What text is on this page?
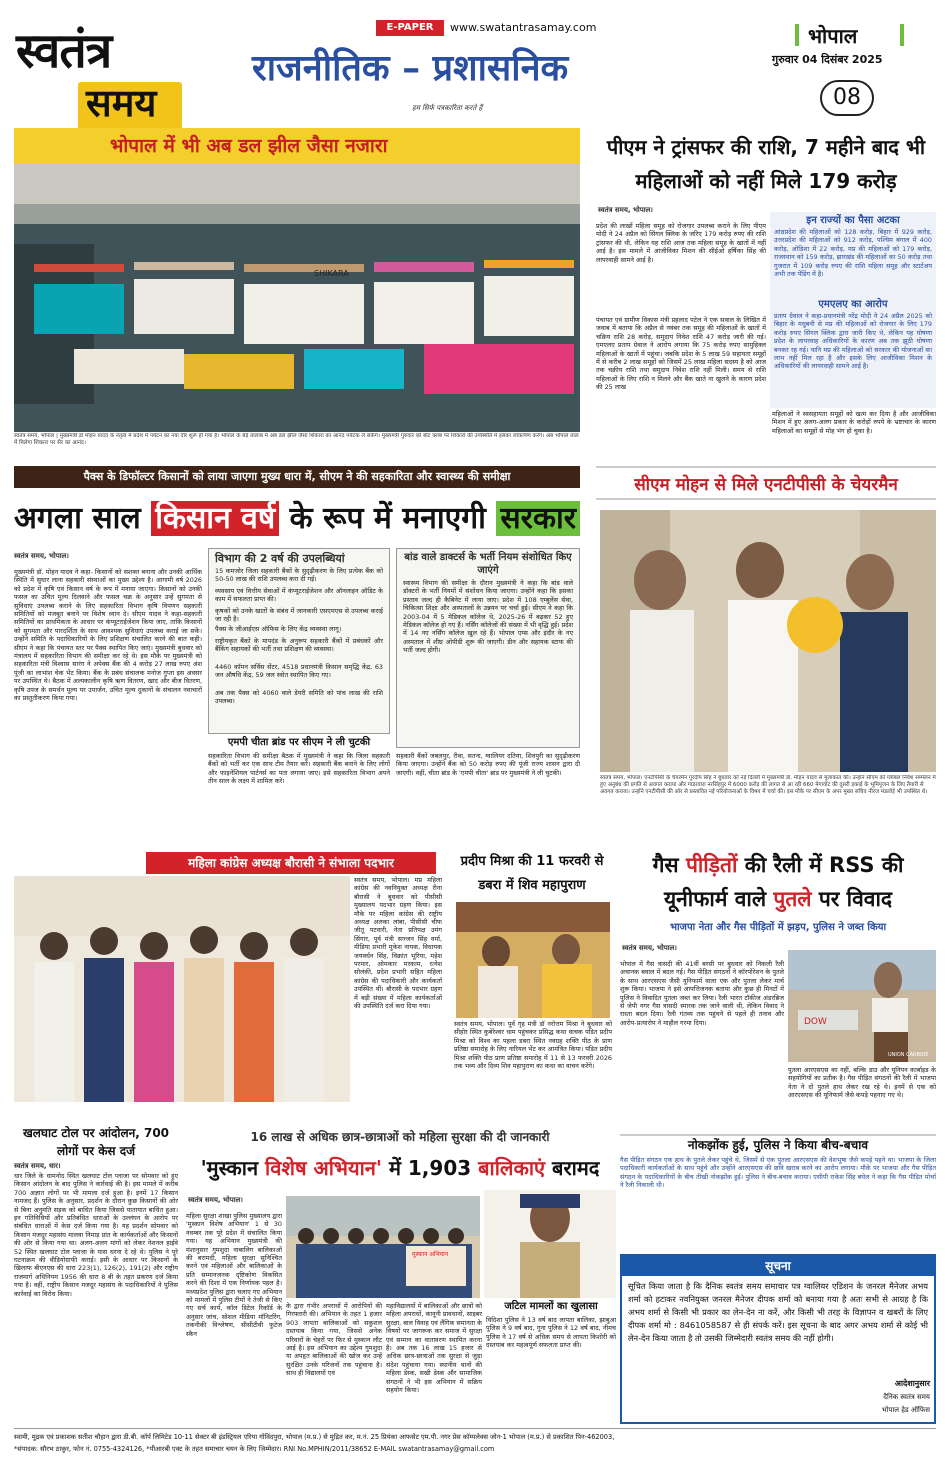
स्वतंत्र
समय
E-PAPER	www.swatantrasamay.com
राजनीतिक – प्रशासनिक
हम सिर्फ पत्रकारिता करते हैं
भोपाल
गुरुवार 04 दिसंबर 2025
08
भोपाल में भी अब डल झील जैसा नजारा
SHIKARA
स्वतंत्र समय, भोपाल | मुख्यमंत्री डॉ मोहन यादव के नेतृत्व में प्रदेश में पर्यटन का नया दौर शुरू हो गया है। भोपाल के बड़े तालाब में अब डल झील जैसा शिकारा का आनंद पर्यटक ले सकेंगे। मुख्यमंत्री गुरुवार को बोट क्लब पर शिकारों की उपस्थिति में इसका लोकार्पण करेंगे। अब भोपाल ताल में मिलेगा शिकारा पर सैर का आनंद।
पीएम ने ट्रांसफर की राशि, 7 महीने बाद भी महिलाओं को नहीं मिले 179 करोड़
स्वतंत्र समय, भोपाल।
प्रदेश की लाखों महिला समूह को रोजगार उपलब्ध कराने के लिए पीएम मोदी ने 24 अप्रैल को सिंगल क्लिक के जरिए 179 करोड़ रुपए की राशि ट्रांसफर की थी, लेकिन यह राशि आज तक महिला समूह के खातों में नहीं आई है। इस मामले में आजीविका मिशन की सीईओ हर्षिका सिंह की लापरवाही सामने आई है।
पंचायत एवं ग्रामीण विकास मंत्री प्रहलाद पटेल ने एक सवाल के लिखित में जवाब में बताया कि अप्रैल से नवंबर तक समूह की महिलाओं के खातों में चक्रिय राशि 28 करोड़, समुदाय निवेश राशि 47 करोड़ जारी की गई। एमएलए प्रताप ग्रेवाल ने आरोप लगाया कि 75 करोड़ रुपए सामुहिक्ल महिलाओं के खातों में पहुंचा। जबकि प्रदेश के 5 लाख 59 सहायता समूहों में से करीब 2 लाख समूहों को जिसमें 25 लाख महिला सदस्य है को आज तक चक्रीय राशि तथा समुदाय निवेश राशि नहीं मिली। समय से राशि महिलाओं के लिए राशि न मिलने और बैंक खाते ना खुलने के कारण प्रदेश की 25 लाख
इन राज्यों का पैसा अटका
आंध्रप्रदेश की महिलाओं को 128 करोड़, बिहार में 929 करोड़, उत्तरप्रदेश की महिलाओं को 912 करोड़, पश्चिम बंगाल में 400 करोड़, ओडिशा में 22 करोड़, मप्र की महिलाओं को 179 करोड़, राजस्थान को 159 करोड़, झारखंड की महिलाओं का 50 करोड़ तथा गुजरात में 109 करोड़ रुपए की राशि महिला समूह और स्टार्टअप अभी तक पेंडिंग में है।
एमएलए का आरोप
प्रताप ग्रेवाल ने कहा-प्रधानमंत्री नरेंद्र मोदी ने 24 अप्रैल 2025 को बिहार के मधुबनी से मप्र की महिलाओं को रोजगार के लिए 179 करोड़ रुपए सिंगल क्लिक द्वारा जारी किए थे, लेकिन यह घोषणा प्रदेश के लापरवाह अधिकारियों के कारण अब तक झूठी घोषणा बनकर रह गई। यानि मप्र की महिलाओं को सरकार की योजनाओं का लाभ नहीं मिल रहा है और इसके लिए आजीविका मिशन के अधिकारियों की लापरवाही सामने आई है।
महिलाओं ने स्वसहायता समूहों को खत्म कर दिया है और आजीविका मिशन में हुए अलग-अलग प्रकार के करोड़ों रुपये के भ्रष्टाचार के कारण महिलाओं का समूहों से मोह भंग हो चुका है।
पैक्स के डिफॉल्टर किसानों को लाया जाएगा मुख्य धारा में, सीएम ने की सहकारिता और स्वास्थ्य की समीक्षा
अगला साल किसान वर्ष के रूप में मनाएगी सरकार
स्वतंत्र समय, भोपाल।
मुख्यमंत्री डॉ. मोहन यादव ने कहा- किसानों को सशक्त बनाना और उनकी आर्थिक स्थिति में सुधार लाना सहकारी संस्थाओं का मुख्य उद्देश्य है। आगामी वर्ष 2026 को प्रदेश में कृषि एवं किसान वर्ष के रूप में मनाया जाएगा। किसानों को उनकी फसल का उचित मूल्य दिलवाने और फसल चक्र के अनुसार उन्हें सुगमता से सुविधाएं उपलब्ध कराने के लिए सहकारिता विभाग कृषि विपणन सहकारी समितियों को मजबूत बनाने पर विशेष ध्यान दे। सीएम यादव ने कहा-सहकारी समितियों का प्राथमिकता के आधार पर कंप्यूटराईजेशन किया जाए, ताकि किसानों को सुगमता और पारदर्शिता के साथ आवश्यक सुविधाएं उपलब्ध कराई जा सकें। उन्होंने समिति के पदाधिकारियों के लिए प्रशिक्षण संचालित करने की बात कही। सीएम ने कहा कि पंचायत स्तर पर पैक्स स्थापित किए जाएं। मुख्यमंत्री बुधवार को मंत्रालय में सहकारिता विभाग की समीक्षा कर रहे थे। इस मौके पर मुख्यमंत्री को सहकारिता मंत्री विश्वास सारंग ने अपेक्स बैंक की 4 करोड़ 27 लाख रुपए अंश पूंजी का लाभांश चेक भेंट किया। बैंक के प्रबंध संचालक मनोज गुप्ता इस अवसर पर उपस्थित थे। बैठक में अल्पकालीन कृषि ऋण वितरण, खाद और बीज वितरण, कृषि उपज के समर्थन मूल्य पर उपार्जन, उचित मूल्य दुकानों के संचालन नवाचारों का प्रस्तुतीकरण किया गया।
विभाग की 2 वर्ष की उपलब्धियां
15 कमजोर जिला सहकारी बैंकों के सुदृढ़ीकरण के लिए प्रत्येक बैंक को 50-50 लाख की राशि उपलब्ध करा दी गई।
व्यवसाय एवं वित्तीय सेवाओं में कंप्यूटराईजेशन और ऑनलाइन ऑडिट के काम में सफलता प्राप्त की।
कृषकों को उनके खातों के संबंध में जानकारी एसएमएस से उपलब्ध कराई जा रही है।
पैक्स के जीआईएस ऑफिस के लिए केंद्र व्यवस्था लागू।
राष्ट्रीयकृत बैंकों के मापदंड के अनुरूप सहकारी बैंकों में प्रबंधकों और बैंकिंग सहायकों की भर्ती तथा प्रशिक्षण की व्यवस्था।
4460 कॉमन सर्विस सेंटर, 4518 प्रधानमंत्री किसान समृद्धि केंद्र, 63 जन औषधि केंद्र, 59 जल स्त्रोत स्थापित किए गए।
अब तक पैक्स को 4060 वाले डेयरी समिति को पांच लाख की राशि उपलब्ध।
एमपी चीता ब्रांड पर सीएम ने ली चुटकी
सहकारिता विभाग की समीक्षा बैठक में मुख्यमंत्री ने कहा कि जिला सहकारी बैंकों को भर्ती कर एक साथ टीम तैयार करें। सहकारी बैंक बनाने के लिए लोगों और फाइनेंशियल पार्टनर्स का पता लगाया जाए। इसे सहकारिता विभाग अपने तीन साल के लक्ष्य में शामिल करे।
बांड वाले डाक्टर्स के भर्ती नियम संशोधित किए जाएंगे
स्वास्थ्य विभाग की समीक्षा के दौरान मुख्यमंत्री ने कहा कि बांड वाले डॉक्टरों के भर्ती नियमों में संशोधन किया जाएगा। उन्होंने कहा कि इसका प्रस्ताव जल्द ही कैबिनेट में लाया जाए। प्रदेश में 108 एम्बुलेंस सेवा, चिकित्सा शिक्षा और अस्पतालों के उन्नयन पर चर्चा हुई। सीएम ने कहा कि 2003-04 में 5 मेडिकल कॉलेज थे, 2025-26 में बढ़कर 52 हुए मेडिकल कॉलेज हो गए हैं। नर्सिंग कॉलेजों की संख्या में भी वृद्धि हुई। प्रदेश में 14 नए नर्सिंग कॉलेज खुल रहे हैं। भोपाल एम्स और इंदौर के नए अस्पताल में शीघ्र ओपीडी शुरू की जाएगी। डीन और सहायक स्टाफ की भर्ती जल्द होगी।
सहकारी बैंकों जबलपुर, रीवा, सतना, ग्वालियर दतिया, शिवपुरी का सुदृढ़ीकरण किया जाएगा। उन्होंने बैंक को 50 करोड़ रुपए की पूंजी राज्य शासन द्वारा दी जाएगी। वहीं, चीता ब्रांड के 'एमपी चीता' ब्रांड पर मुख्यमंत्री ने ली चुटकी।
सीएम मोहन से मिले एनटीपीसी के चेयरमैन
स्वतंत्र समय, भोपाल। एनटीपीसी के चेयरमैन गुरदीप सिंह ने बुधवार को नई दिल्ली में मुख्यमंत्री डॉ. मोहन यादव से मुलाकात की। उन्होंने सीएम को ग्लोबल निवेश सम्मेलन में हुए अनुबंध की प्रगति से अवगत कराया और गाडरवारा नरसिंहपुर में 6000 करोड़ की लागत से आ रही 660 मेगावॉट की दूसरी इकाई के भूमिपूजन के लिए तैयारी से अवगत कराया। उन्होंने एनटीपीसी की ओर से प्रस्तावित नई परियोजनाओं के विषय में चर्चा की। इस मौके पर सीएम के अपर मुख्य सचिव नीरज मंडलोई भी उपस्थित थे।
महिला कांग्रेस अध्यक्ष बौरासी ने संभाला पदभार
स्वतंत्र समय, भोपाल। मप्र महिला कांग्रेस की नवनियुक्त अध्यक्ष रीना बौरासी ने बुधवार को पीसीसी मुख्यालय पदभार ग्रहण किया। इस मौके पर महिला कांग्रेस की राष्ट्रीय अध्यक्ष अलका लांबा, पीसीसी चीफ जीतू पटवारी, नेता प्रतिपक्ष उमंग सिंगार, पूर्व मंत्री सज्जन सिंह वर्मा, मीडिया प्रभारी मुकेश नायक, विधायक जयवर्धन सिंह, विक्रांत भूरिया, महेश परमार, ओमकार मरकाम, रत्नेश सोलंकी, प्रदेश प्रभारी सहित महिला कांग्रेस की पदाधिकारी और कार्यकर्ता उपस्थित थीं। बौरासी के पदभार ग्रहण में बड़ी संख्या में महिला कार्यकर्ताओं की उपस्थिति दर्ज करा दिया गया।
प्रदीप मिश्रा की 11 फरवरी से डबरा में शिव महापुराण
स्वतंत्र समय, भोपाल। पूर्व गृह मंत्री डॉ नरोत्तम मिश्रा ने बुधवार को सीहोर स्थित कुबेरेश्वर धाम पहुंचकर प्रसिद्ध कथा वाचक पंडित प्रदीप मिश्रा को विश्व का पहला डबरा स्थित नवग्रह शक्ति पीठ के प्राण प्रतिष्ठा समारोह के लिए नारियल भेंट कर आमंत्रित किया। पंडित प्रदीप मिश्रा शक्ति पीठ प्राण प्रतिष्ठा समारोह में 11 से 13 फरवरी 2026 तक भव्य और दिव्य शिव महापुराण का कथा का वाचन करेंगे।
गैस पीड़ितों की रैली में RSS की
यूनीफार्म वाले पुतले पर विवाद
भाजपा नेता और गैस पीड़ितों में झड़प, पुलिस ने जब्त किया
स्वतंत्र समय, भोपाल।
भोपाल में गैस त्रासदी की 41वीं बरसी पर बुधवार को निकली रैली अचानक बवाल में बदल गई। गैस पीड़ित संगठनों ने कॉरपोरेशन के पुतले के साथ आरएसएस जैसी यूनिफार्म वाला एक और पुतला लेकर मार्च शुरू किया। भाजपा ने इसे आपत्तिजनक बताया और कुछ ही मिनटों में पुलिस ने विवादित पुतला जब्त कर लिया। रैली भारत टॉकीज अंडरब्रिज से जेपी नगर गैस त्रासदी स्मारक तक जाने वाली थी, लेकिन विवाद ने रास्ता बदल दिया। रैली गंतव्य तक पहुंचने से पहले ही तनाव और आरोप-प्रत्यारोप ने माहौल गरमा दिया।	DOW
UNION CARBIDE
पुतला आरएसएस का नहीं, बल्कि डाउ और यूनियन कार्बाइड के सहयोगियों का प्रतीक है। गैस पीड़ित संगठनों की रैली में भाजपा नेता ने दो पुतले हाथ लेकर रख रहे थे। इनमें से एक को आरएसएस की यूनिफार्म जैसे कपड़े पहनाए गए थे।
नोकझोंक हुई, पुलिस ने किया बीच-बचाव
गैस पीड़ित संगठन एक हाथ के पुतले लेकर पहुंचे थे, जिसमें से एक पुतला आरएसएस की वेशभूषा जैसे कपड़े पहने था। भाजपा के जिला पदाधिकारी कार्यकर्ताओं के साथ पहुंचे और उन्होंने आरएसएस की छवि खराब करने का आरोप लगाया। मौके पर भाजपा और गैस पीड़ित संगठन के पदाधिकारियों के बीच तीखी नोकझोंक हुई। पुलिस ने बीच-बचाव कराया। एसीपी राकेश सिंह बघेल ने कहा कि गैस पीड़ित मोर्चा ने रैली निकाली थी।
खलघाट टोल पर आंदोलन, 700 लोगों पर केस दर्ज
स्वतंत्र समय, धार।
धार जिले के धामनोद स्थित खलघाट टोल प्लाजा पर सोमवार को हुए किसान आंदोलन के बाद पुलिस ने कार्रवाई की है। इस मामले में करीब 700 अज्ञात लोगों पर भी मामला दर्ज हुआ है। इनमें 17 किसान नामजद हैं। पुलिस के अनुसार, प्रदर्शन के दौरान कुछ किसानों की ओर से बिना अनुमति सड़क को बाधित किया जिससे यातायात बाधित हुआ। इन गतिविधियों और प्रतिबंधित धाराओं के उल्लंघन के आरोप पर संबंधित धाराओं में केस दर्ज किया गया है। यह प्रदर्शन सोमवार को किसान मजदूर महासंघ मालवा निमाड़ प्रांत के कार्यकर्ताओं और किसानों की ओर से किया गया था। अलग-अलग मांगों को लेकर नेशनल हाईवे 52 स्थित खलघाट टोल प्लाजा के पास धरना दे रहे थे। पुलिस ने पूरे घटनाक्रम की वीडियोग्राफी कराई। इसी के आधार पर किसानों के खिलाफ बीएनएस की धारा 223(1), 126(2), 191(2) और राष्ट्रीय राजमार्ग अधिनियम 1956 की धारा 8 बी के तहत प्रकरण दर्ज किया गया है। वहीं, राष्ट्रीय किसान मजदूर महासंघ के पदाधिकारियों ने पुलिस कार्रवाई का विरोध किया।
16 लाख से अधिक छात्र-छात्राओं को महिला सुरक्षा की दी जानकारी
'मुस्कान विशेष अभियान' में 1,903 बालिकाएं बरामद
स्वतंत्र समय, भोपाल।
मुस्कान अभियान
महिला सुरक्षा शाखा पुलिस मुख्यालय द्वारा 'मुस्कान विशेष अभियान' 1 से 30 नवम्बर तक पूरे प्रदेश में संचालित किया गया। यह अभियान मुख्यमंत्री की मंशानुसार गुमशुदा नाबालिग बालिकाओं की बरामदी, महिला सुरक्षा सुनिश्चित करने एवं महिलाओं और बालिकाओं के प्रति सम्मानजनक दृष्टिकोण विकसित करने की दिशा में एक निर्णायक पहल है। मध्यप्रदेश पुलिस द्वारा चलाए गए अभियान को मामलों में पुलिस टीमों ने तेजी से किए गए सर्च कार्य, कॉल डिटेल रिकॉर्ड के अनुसार जांच, सोशल मीडिया मॉनिटरिंग, तकनीकी विश्लेषण, सीसीटीवी फुटेज स्कैन
के द्वारा गंभीर अपराधों में आरोपियों की गिरफ्तारी की। अभियान के तहत 1 हजार 903 लापता बालिकाओं को सकुशल दस्तयाब किया गया, जिससे अनेक परिवारों के चेहरों पर फिर से मुस्कान लौट आई है। इस अभियान का उद्देश्य गुमशुदा या अपहृत बालिकाओं की खोज कर उन्हें सुरक्षित उनके परिजनों तक पहुंचाना है। साथ ही विद्यालयों एवं
महाविद्यालयों में बालिकाओं और छात्रों को महिला अपराधों, कानूनी प्रावधानों, साइबर सुरक्षा, बाल विवाह एवं लैंगिक समानता के विषयों पर जागरूक कर समाज में सुरक्षा एवं सम्मान का वातावरण स्थापित करना है। अब तक 16 लाख 15 हजार से अधिक छात्र-छात्राओं तक सुरक्षा से जुड़ा संदेश पहुंचाया गया। स्थानीय थानों की महिला डेस्क, सखी डेस्क और सामाजिक संगठनों ने भी इस अभियान में सक्रिय सहयोग किया।
जटिल मामलों का खुलासा
विदिशा पुलिस ने 13 वर्ष बाद लापता बालिका, झाबुआ पुलिस ने 9 वर्ष बाद, गुना पुलिस ने 12 वर्ष बाद, नीमच पुलिस ने 17 वर्ष से अधिक समय से लापता किशोरी को दस्तयाब कर महत्वपूर्ण सफलता प्राप्त की।
सूचना
सूचित किया जाता है कि दैनिक स्वतंत्र समय समाचार पत्र ग्वालियर एडिशन के जनरल मैनेजर अभय शर्मा को हटाकर नवनियुक्त जनरल मैनेजर दीपक शर्मा को बनाया गया है अतः सभी से आग्रह है कि अभय शर्मा से किसी भी प्रकार का लेन-देन ना करें, और किसी भी तरह के विज्ञापन व खबरों के लिए दीपक शर्मा मो : 8461058587 से ही संपर्क करें। इस सूचना के बाद अगर अभय शर्मा से कोई भी लेन-देन किया जाता है तो उसकी जिम्मेदारी स्वतंत्र समय की नहीं होगी।
आदेशानुसार
दैनिक स्वतंत्र समय
भोपाल हेड ऑफिस
स्वामी, मुद्रक एवं प्रकाशक सतीश चौहान द्वारा डी.बी. कॉर्प लिमिटेड 10-11 सेक्टर बी इंडस्ट्रियल एरिया गोविंदपुरा, भोपाल (म.प्र.) से मुद्रित कर, म.नं. 25 प्रियंका आफसेट एम.पी. नगर प्रेस कॉम्पलेक्स जोन-1 भोपाल (म.प्र.) से प्रकाशित पिन-462003,
*संपादक: सौरभ ठाकुर, फोन नं. 0755-4324126, *पीआरबी एक्ट के तहत समाचार चयन के लिए जिम्मेदार। RNI No.MPHIN/2011/38652 E-MAIL swatantrasamay@gmail.com
